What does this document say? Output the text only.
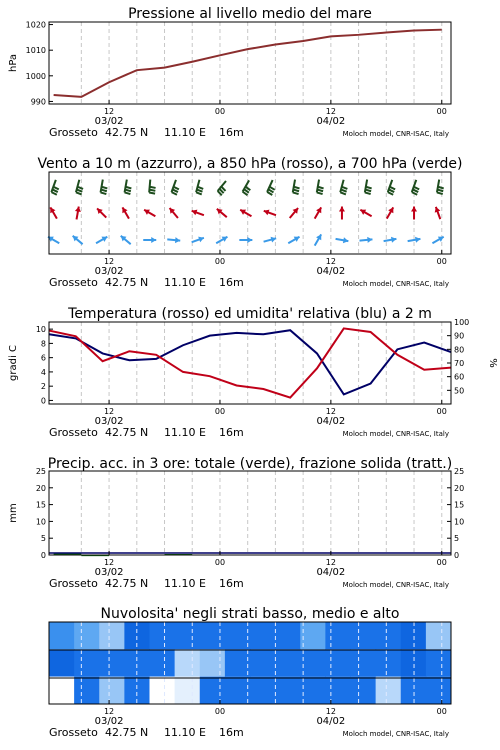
Pressione al livello medio del mare
990
1000
1010
1020
hPa
12	00	12	00
03/02	04/02
Grosseto 42.75 N 11.10 E 16m	Moloch model, CNR-ISAC, Italy
Vento a 10 m (azzurro), a 850 hPa (rosso), a 700 hPa (verde)
12	00	12	00
03/02	04/02
Grosseto 42.75 N 11.10 E 16m	Moloch model, CNR-ISAC, Italy
Temperatura (rosso) ed umidita' relativa (blu) a 2 m
0
2
4
6
8
10
50
60
70
80
90
100
gradi C	%
12	00	12	00
03/02	04/02
Grosseto 42.75 N 11.10 E 16m	Moloch model, CNR-ISAC, Italy
Precip. acc. in 3 ore: totale (verde), frazione solida (tratt.)
0
5
10
15
20
25
0
5
10
15
20
25
mm
12	00	12	00
03/02	04/02
Grosseto 42.75 N 11.10 E 16m	Moloch model, CNR-ISAC, Italy
Nuvolosita' negli strati basso, medio e alto
12	00	12	00
03/02	04/02
Grosseto 42.75 N 11.10 E 16m	Moloch model, CNR-ISAC, Italy
